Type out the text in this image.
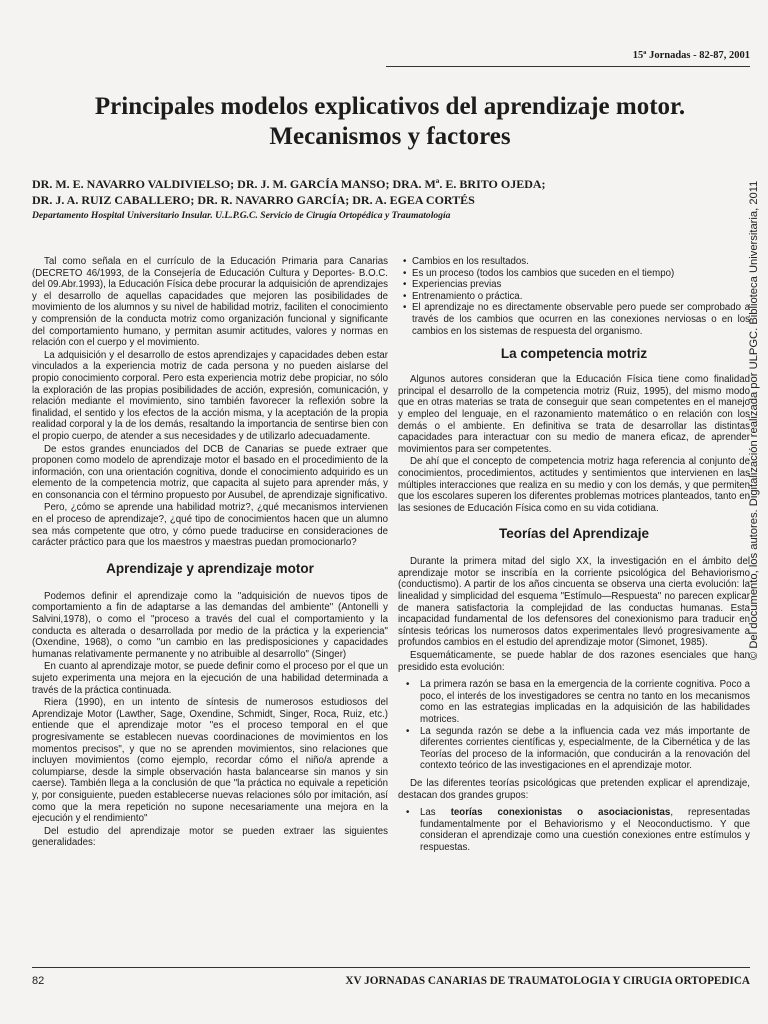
15ª Jornadas - 82-87, 2001
Principales modelos explicativos del aprendizaje motor.
Mecanismos y factores
DR. M. E. NAVARRO VALDIVIELSO; DR. J. M. GARCÍA MANSO; DRA. Mª. E. BRITO OJEDA;
DR. J. A. RUIZ CABALLERO; DR. R. NAVARRO GARCÍA; DR. A. EGEA CORTÉS
Departamento Hospital Universitario Insular. U.L.P.G.C. Servicio de Cirugía Ortopédica y Traumatología

Tal como señala en el currículo de la Educación Primaria para Canarias (DECRETO 46/1993, de la Consejería de Educación Cultura y Deportes- B.O.C. del 09.Abr.1993), la Educación Física debe procurar la adquisición de aprendizajes y el desarrollo de aquellas capacidades que mejoren las posibilidades de movimiento de los alumnos y su nivel de habilidad motriz, faciliten el conocimiento y comprensión de la conducta motriz como organización funcional y significante del comportamiento humano, y permitan asumir actitudes, valores y normas en relación con el cuerpo y el movimiento.

La adquisición y el desarrollo de estos aprendizajes y capacidades deben estar vinculados a la experiencia motriz de cada persona y no pueden aislarse del propio conocimiento corporal. Pero esta experiencia motriz debe propiciar, no sólo la exploración de las propias posibilidades de acción, expresión, comunicación, y relación mediante el movimiento, sino también favorecer la reflexión sobre la finalidad, el sentido y los efectos de la acción misma, y la aceptación de la propia realidad corporal y la de los demás, resaltando la importancia de sentirse bien con el propio cuerpo, de atender a sus necesidades y de utilizarlo adecuadamente.

De estos grandes enunciados del DCB de Canarias se puede extraer que proponen como modelo de aprendizaje motor el basado en el procedimiento de la información, con una orientación cognitiva, donde el conocimiento adquirido es un elemento de la competencia motriz, que capacita al sujeto para aprender más, y en consonancia con el término propuesto por Ausubel, de aprendizaje significativo.

Pero, ¿cómo se aprende una habilidad motriz?, ¿qué mecanismos intervienen en el proceso de aprendizaje?, ¿qué tipo de conocimientos hacen que un alumno sea más competente que otro, y cómo puede traducirse en consideraciones de carácter práctico para que los maestros y maestras puedan promocionarlo?

Aprendizaje y aprendizaje motor

Podemos definir el aprendizaje como la "adquisición de nuevos tipos de comportamiento a fin de adaptarse a las demandas del ambiente" (Antonelli y Salvini,1978), o como el "proceso a través del cual el comportamiento y la conducta es alterada o desarrollada por medio de la práctica y la experiencia" (Oxendine, 1968), o como "un cambio en las predisposiciones y capacidades humanas relativamente permanente y no atribuible al desarrollo" (Singer)

En cuanto al aprendizaje motor, se puede definir como el proceso por el que un sujeto experimenta una mejora en la ejecución de una habilidad determinada a través de la práctica continuada.

Riera (1990), en un intento de síntesis de numerosos estudiosos del Aprendizaje Motor (Lawther, Sage, Oxendine, Schmidt, Singer, Roca, Ruiz, etc.) entiende que el aprendizaje motor "es el proceso temporal en el que progresivamente se establecen nuevas coordinaciones de movimientos en los momentos precisos", y que no se aprenden movimientos, sino relaciones que incluyen movimientos (como ejemplo, recordar cómo el niño/a aprende a columpiarse, desde la simple observación hasta balancearse sin manos y sin caerse). También llega a la conclusión de que "la práctica no equivale a repetición y, por consiguiente, pueden establecerse nuevas relaciones sólo por imitación, así como que la mera repetición no supone necesariamente una mejora en la ejecución y el rendimiento"

Del estudio del aprendizaje motor se pueden extraer las siguientes generalidades:

• Cambios en los resultados.
• Es un proceso (todos los cambios que suceden en el tiempo)
• Experiencias previas
• Entrenamiento o práctica.
• El aprendizaje no es directamente observable pero puede ser comprobado a través de los cambios que ocurren en las conexiones nerviosas o en los cambios en los sistemas de respuesta del organismo.
La competencia motriz

Algunos autores consideran que la Educación Física tiene como finalidad principal el desarrollo de la competencia motriz (Ruiz, 1995), del mismo modo que en otras materias se trata de conseguir que sean competentes en el manejo y empleo del lenguaje, en el razonamiento matemático o en relación con los demás o el ambiente. En definitiva se trata de desarrollar las distintas capacidades para interactuar con su medio de manera eficaz, de aprender movimientos para ser competentes.

De ahí que el concepto de competencia motriz haga referencia al conjunto de conocimientos, procedimientos, actitudes y sentimientos que intervienen en las múltiples interacciones que realiza en su medio y con los demás, y que permiten que los escolares superen los diferentes problemas motrices planteados, tanto en las sesiones de Educación Física como en su vida cotidiana.

Teorías del Aprendizaje

Durante la primera mitad del siglo XX, la investigación en el ámbito del aprendizaje motor se inscribía en la corriente psicológica del Behaviorismo (conductismo). A partir de los años cincuenta se observa una cierta evolución: la linealidad y simplicidad del esquema "Estímulo—Respuesta" no parecen explicar de manera satisfactoria la complejidad de las conductas humanas. Esta incapacidad fundamental de los defensores del conexionismo para traducir en síntesis teóricas los numerosos datos experimentales llevó progresivamente a profundos cambios en el estudio del aprendizaje motor (Simonet, 1985).

Esquemáticamente, se puede hablar de dos razones esenciales que han presidido esta evolución:

• La primera razón se basa en la emergencia de la corriente cognitiva. Poco a poco, el interés de los investigadores se centra no tanto en los mecanismos como en las estrategias implicadas en la adquisición de las habilidades motrices.
• La segunda razón se debe a la influencia cada vez más importante de diferentes corrientes científicas y, especialmente, de la Cibernética y de las Teorías del proceso de la información, que conducirán a la renovación del contexto teórico de las investigaciones en el aprendizaje motor.

De las diferentes teorías psicológicas que pretenden explicar el aprendizaje, destacan dos grandes grupos:

• Las teorías conexionistas o asociacionistas, representadas fundamentalmente por el Behaviorismo y el Neoconductismo. Y que consideran el aprendizaje como una cuestión conexiones entre estímulos y respuestas.
© Del documento, los autores. Digitalización realizada por ULPGC. Biblioteca Universitaria, 2011
82	XV JORNADAS CANARIAS DE TRAUMATOLOGIA Y CIRUGIA ORTOPEDICA
